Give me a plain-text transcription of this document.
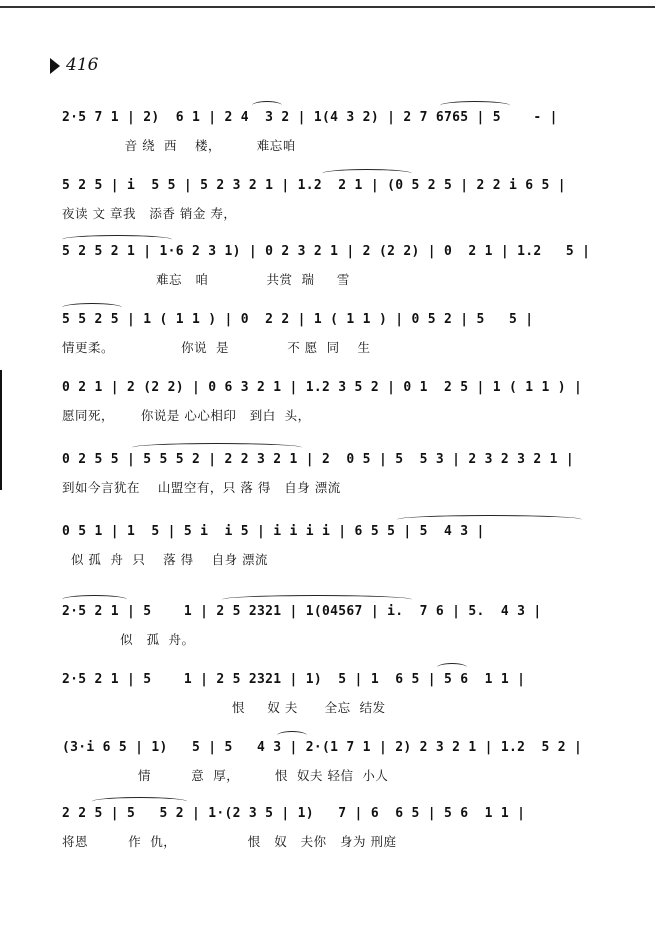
416
2·5 7 1 | 2)  6 1 | 2 4  3 2 | 1(4 3 2) | 2 7 6765 | 5    - |
音 绕  西    楼，        难忘咱
5 2 5 | i  5 5 | 5 2 3 2 1 | 1.2  2 1 | (0 5 2 5 | 2 2 i 6 5 |
夜读 文 章我   添香 销金 寿，
5 2 5 2 1 | 1·6 2 3 1) | 0 2 3 2 1 | 2 (2 2) | 0  2 1 | 1.2   5 |
难忘   咱             共赏  瑞     雪
5 5 2 5 | 1 ( 1 1 ) | 0  2 2 | 1 ( 1 1 ) | 0 5 2 | 5   5 |
情更柔。               你说  是             不 愿  同    生
0 2 1 | 2 (2 2) | 0 6 3 2 1 | 1.2 3 5 2 | 0 1  2 5 | 1 ( 1 1 ) |
愿同死，      你说是 心心相印   到白  头，
0 2 5 5 | 5 5 5 2 | 2 2 3 2 1 | 2  0 5 | 5  5 3 | 2 3 2 3 2 1 |
到如今言犹在    山盟空有，只 落 得   自身 漂流
0 5 1 | 1  5 | 5 i  i 5 | i i i i | 6 5 5 | 5  4 3 |
似 孤  舟  只    落 得    自身 漂流
2·5 2 1 | 5    1 | 2 5 2321 | 1(04567 | i.  7 6 | 5.  4 3 |
似   孤  舟。
2·5 2 1 | 5    1 | 2 5 2321 | 1)  5 | 1  6 5 | 5 6  1 1 |
恨     奴 夫      全忘  结发
(3·i 6 5 | 1)   5 | 5   4 3 | 2·(1 7 1 | 2) 2 3 2 1 | 1.2  5 2 |
情         意  厚，        恨  奴夫 轻信  小人
2 2 5 | 5   5 2 | 1·(2 3 5 | 1)   7 | 6  6 5 | 5 6  1 1 |
将恩         作  仇，                恨   奴   夫你   身为 刑庭
